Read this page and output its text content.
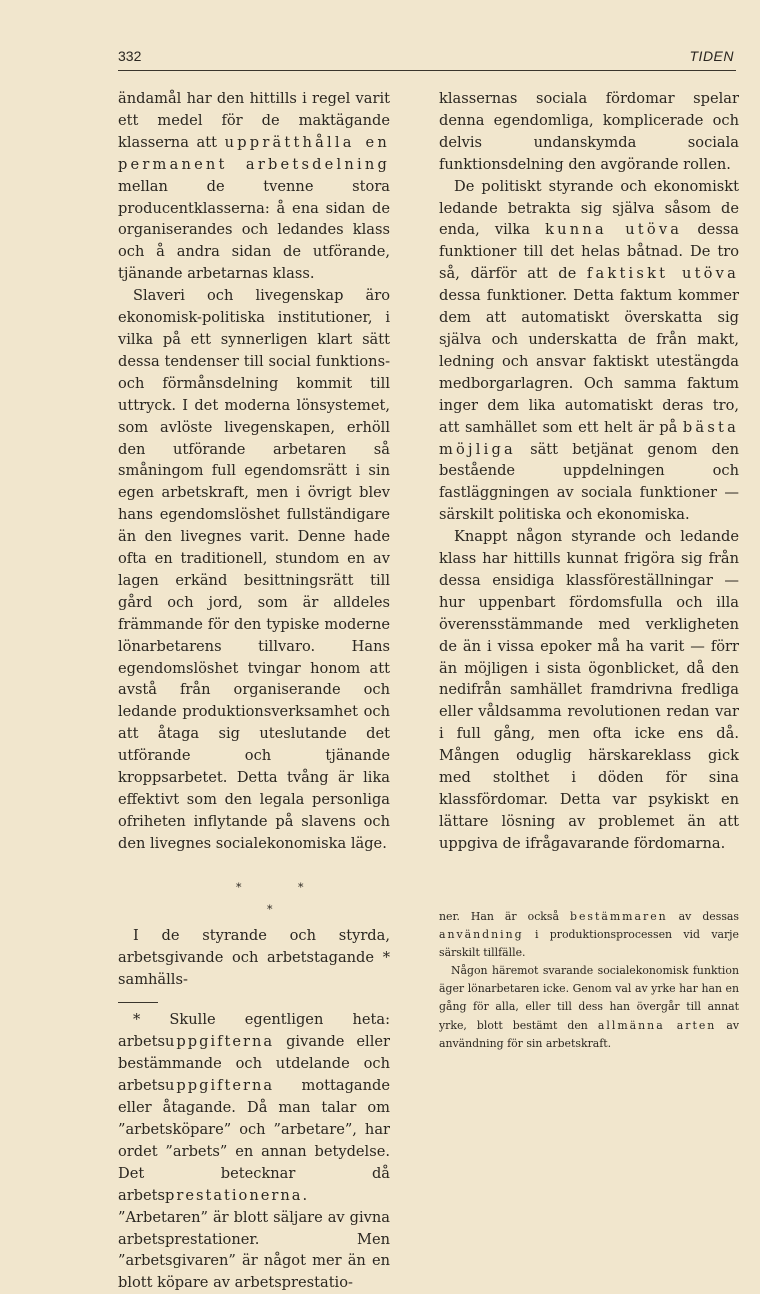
332	TIDEN

ändamål har den hittills i regel varit ett medel för de maktägande klasserna att upprätthålla en permanent arbetsdelning mellan de tvenne stora producentklasserna: å ena sidan de organiserandes och ledandes klass och å andra sidan de utförande, tjänande arbetarnas klass.

Slaveri och livegenskap äro ekonomisk-politiska institutioner, i vilka på ett synnerligen klart sätt dessa tendenser till social funktions- och förmånsdelning kommit till uttryck. I det moderna lönsystemet, som avlöste livegenskapen, erhöll den utförande arbetaren så småningom full egendomsrätt i sin egen arbetskraft, men i övrigt blev hans egendomslöshet fullständigare än den livegnes varit. Denne hade ofta en traditionell, stundom en av lagen erkänd besittningsrätt till gård och jord, som är alldeles främmande för den typiske moderne lönarbetarens tillvaro. Hans egendomslöshet tvingar honom att avstå från organiserande och ledande produktionsverksamhet och att åtaga sig uteslutande det utförande och tjänande kroppsarbetet. Detta tvång är lika effektivt som den legala personliga ofriheten inflytande på slavens och den livegnes socialekonomiska läge.

*	*
*

I de styrande och styrda, arbetsgivande och arbetstagande * samhälls-

* Skulle egentligen heta: arbetsuppgifterna givande eller bestämmande och utdelande och arbetsuppgifterna mottagande eller åtagande. Då man talar om ”arbetsköpare” och ”arbetare”, har ordet ”arbets” en annan betydelse. Det betecknar då arbetsprestationerna. ”Arbetaren” är blott säljare av givna arbetsprestationer. Men ”arbetsgivaren” är något mer än en blott köpare av arbetsprestatio-

klassernas sociala fördomar spelar denna egendomliga, komplicerade och delvis undanskymda sociala funktionsdelning den avgörande rollen.

De politiskt styrande och ekonomiskt ledande betrakta sig själva såsom de enda, vilka kunna utöva dessa funktioner till det helas båtnad. De tro så, därför att de faktiskt utöva dessa funktioner. Detta faktum kommer dem att automatiskt överskatta sig själva och underskatta de från makt, ledning och ansvar faktiskt utestängda medborgarlagren. Och samma faktum inger dem lika automatiskt deras tro, att samhället som ett helt är på bästa möjliga sätt betjänat genom den bestående uppdelningen och fastläggningen av sociala funktioner — särskilt politiska och ekonomiska.

Knappt någon styrande och ledande klass har hittills kunnat frigöra sig från dessa ensidiga klassföreställningar — hur uppenbart fördomsfulla och illa överensstämmande med verkligheten de än i vissa epoker må ha varit — förr än möjligen i sista ögonblicket, då den nedifrån samhället framdrivna fredliga eller våldsamma revolutionen redan var i full gång, men ofta icke ens då. Mången oduglig härskareklass gick med stolthet i döden för sina klassfördomar. Detta var psykiskt en lättare lösning av problemet än att uppgiva de ifrågavarande fördomarna.

ner. Han är också bestämmaren av dessas användning i produktionsprocessen vid varje särskilt tillfälle.

Någon häremot svarande socialekonomisk funktion äger lönarbetaren icke. Genom val av yrke har han en gång för alla, eller till dess han övergår till annat yrke, blott bestämt den allmänna arten av användning för sin arbetskraft.
